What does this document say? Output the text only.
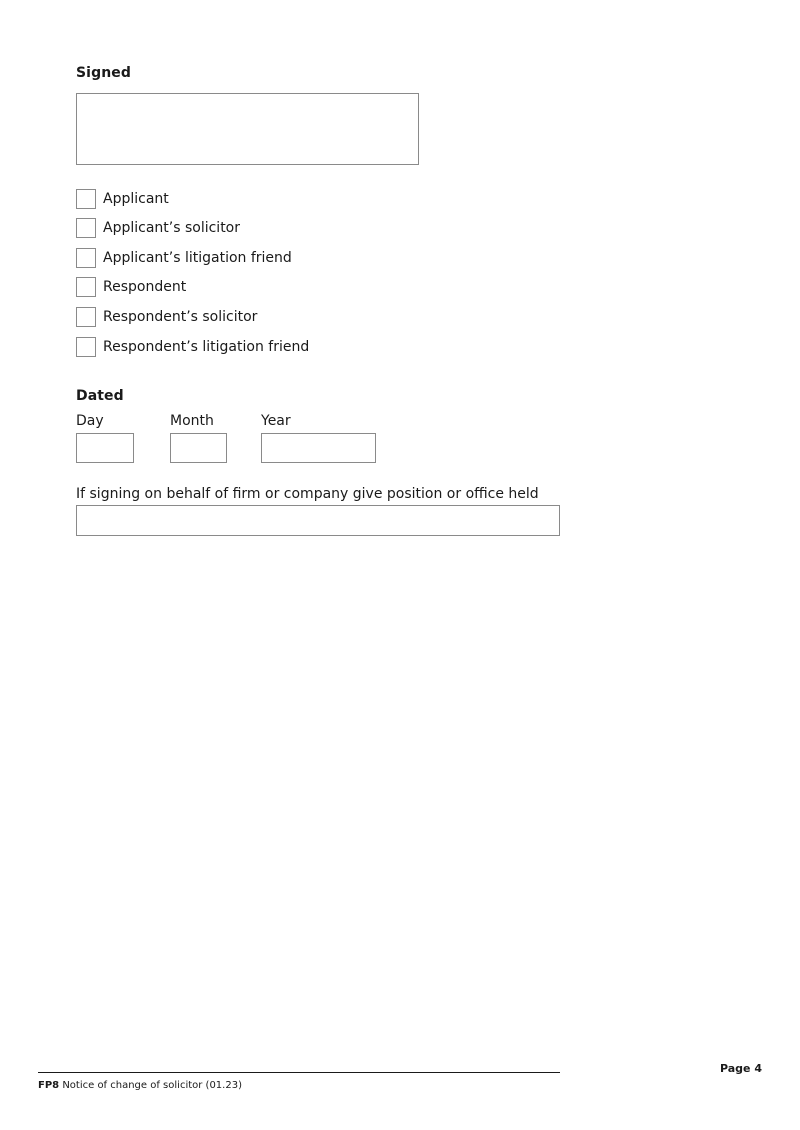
Signed
Applicant
Applicant’s solicitor
Applicant’s litigation friend
Respondent
Respondent’s solicitor
Respondent’s litigation friend
Dated
Day	Month	Year
If signing on behalf of firm or company give position or office held
Page 4
FP8 Notice of change of solicitor (01.23)
